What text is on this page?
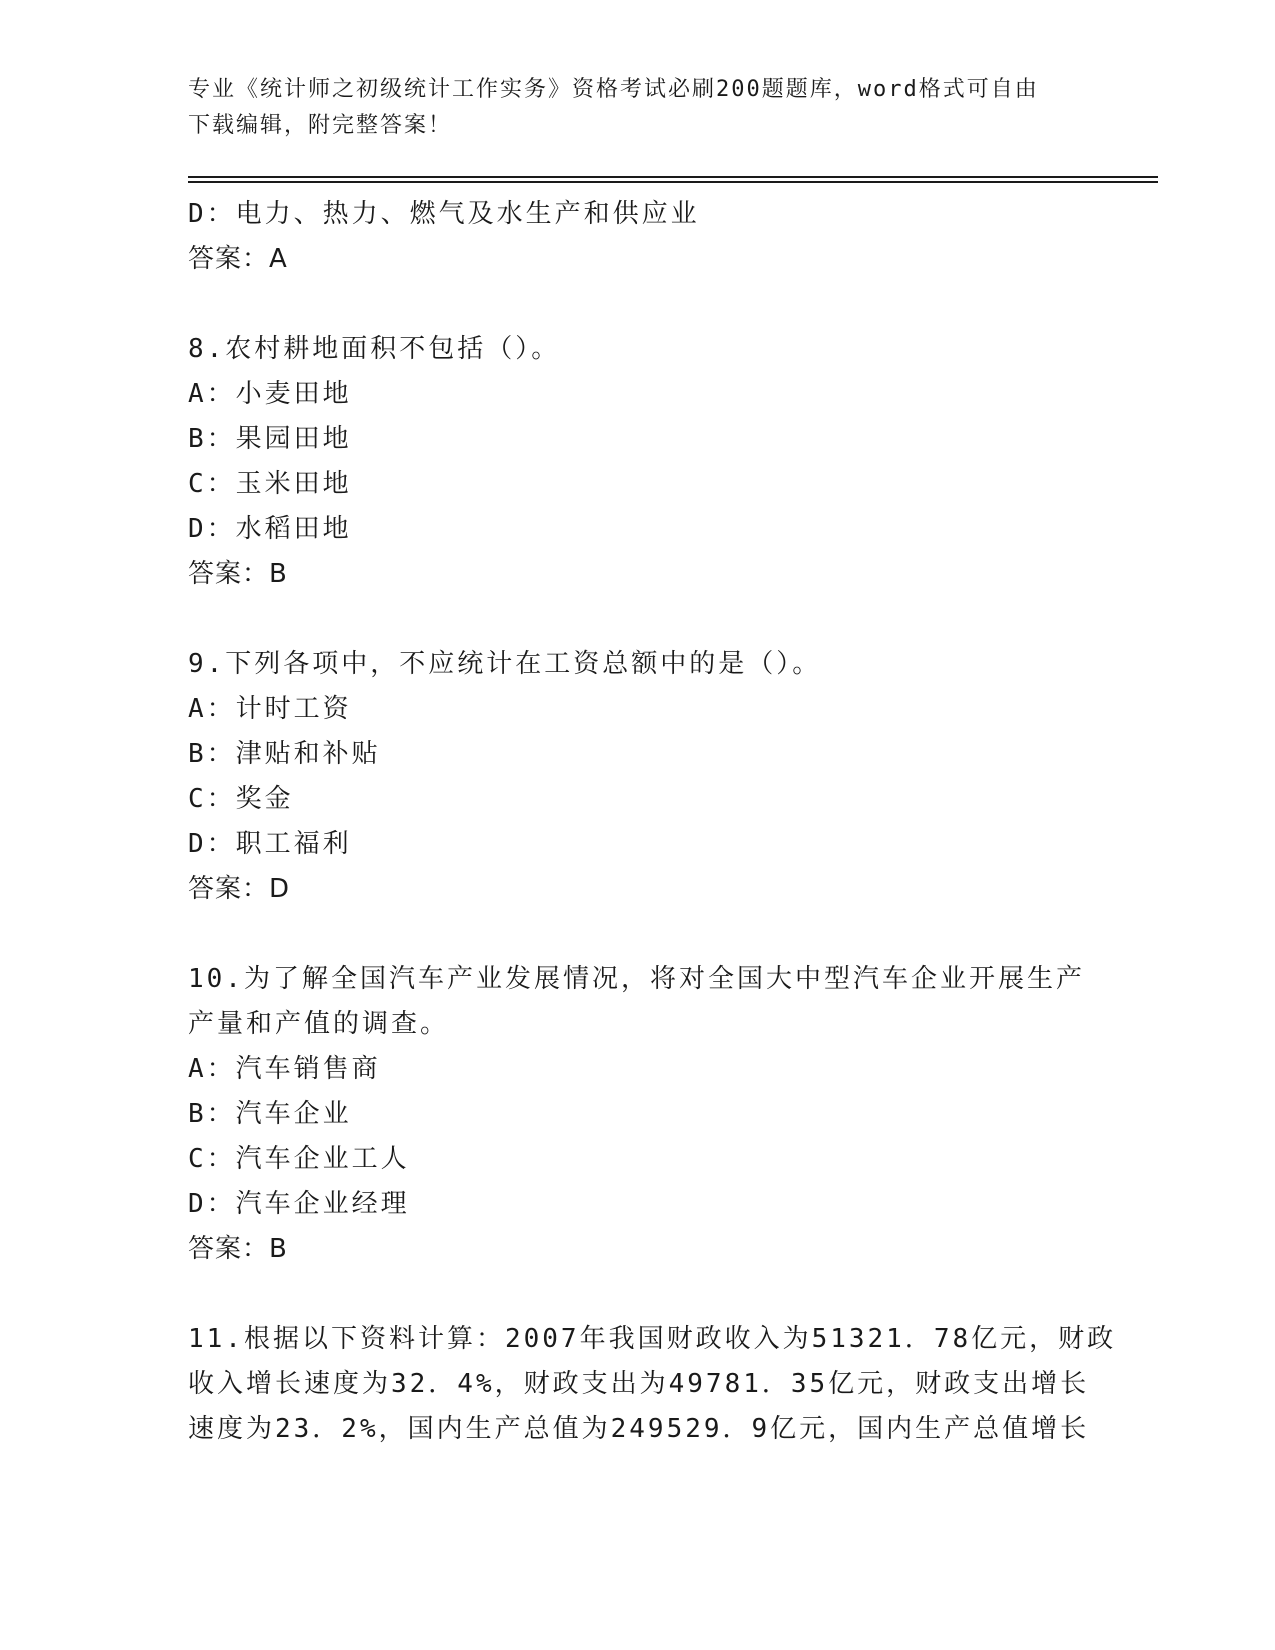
专业《统计师之初级统计工作实务》资格考试必刷200题题库，word格式可自由
下载编辑，附完整答案！
D：电力、热力、燃气及水生产和供应业
答案：A
8.农村耕地面积不包括（）。
A：小麦田地
B：果园田地
C：玉米田地
D：水稻田地
答案：B
9.下列各项中，不应统计在工资总额中的是（）。
A：计时工资
B：津贴和补贴
C：奖金
D：职工福利
答案：D
10.为了解全国汽车产业发展情况，将对全国大中型汽车企业开展生产
产量和产值的调查。
A：汽车销售商
B：汽车企业
C：汽车企业工人
D：汽车企业经理
答案：B
11.根据以下资料计算：2007年我国财政收入为51321．78亿元，财政
收入增长速度为32．4%，财政支出为49781．35亿元，财政支出增长
速度为23．2%，国内生产总值为249529．9亿元，国内生产总值增长
